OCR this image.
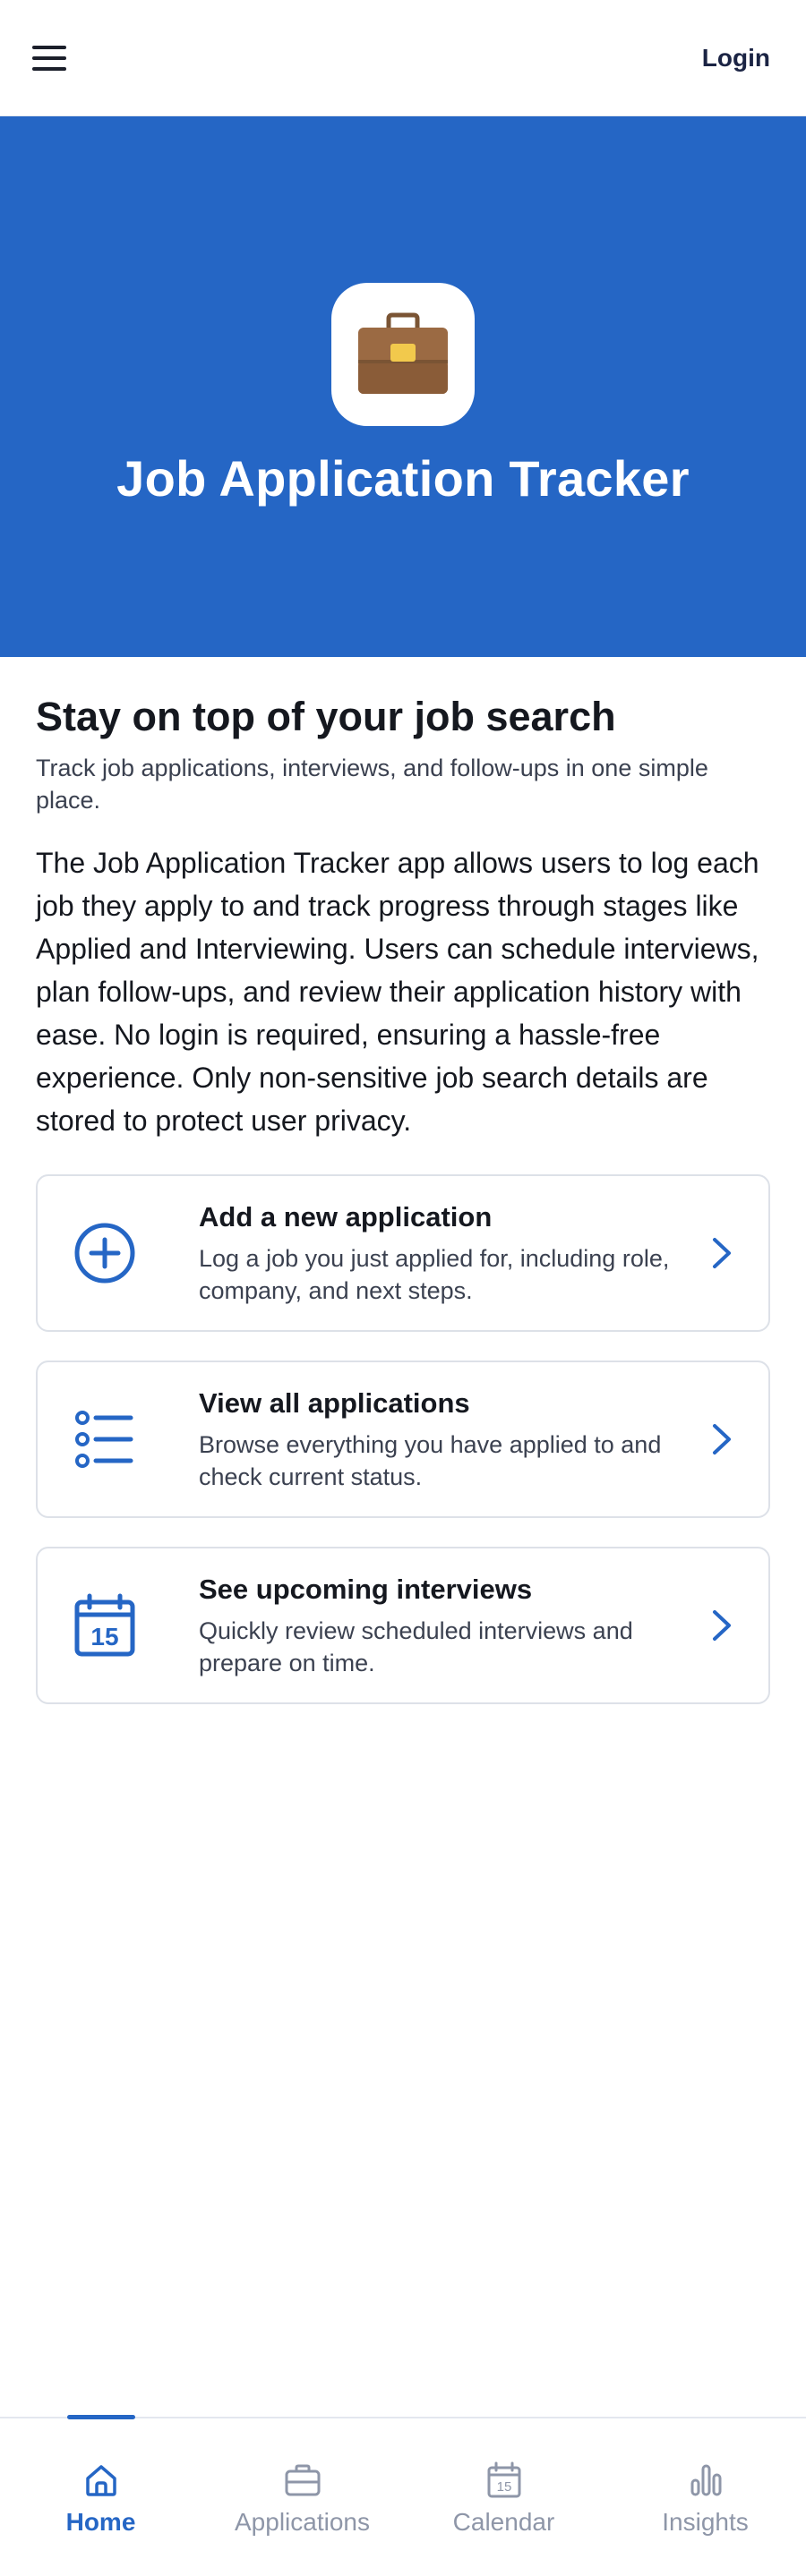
Login
Job Application Tracker
Stay on top of your job search
Track job applications, interviews, and follow-ups in one simple place.
The Job Application Tracker app allows users to log each job they apply to and track progress through stages like Applied and Interviewing. Users can schedule interviews, plan follow-ups, and review their application history with ease. No login is required, ensuring a hassle-free experience. Only non-sensitive job search details are stored to protect user privacy.
Add a new application
Log a job you just applied for, including role, company, and next steps.
View all applications
Browse everything you have applied to and check current status.
15
See upcoming interviews
Quickly review scheduled interviews and prepare on time.
Home	Applications
15
Calendar	Insights
